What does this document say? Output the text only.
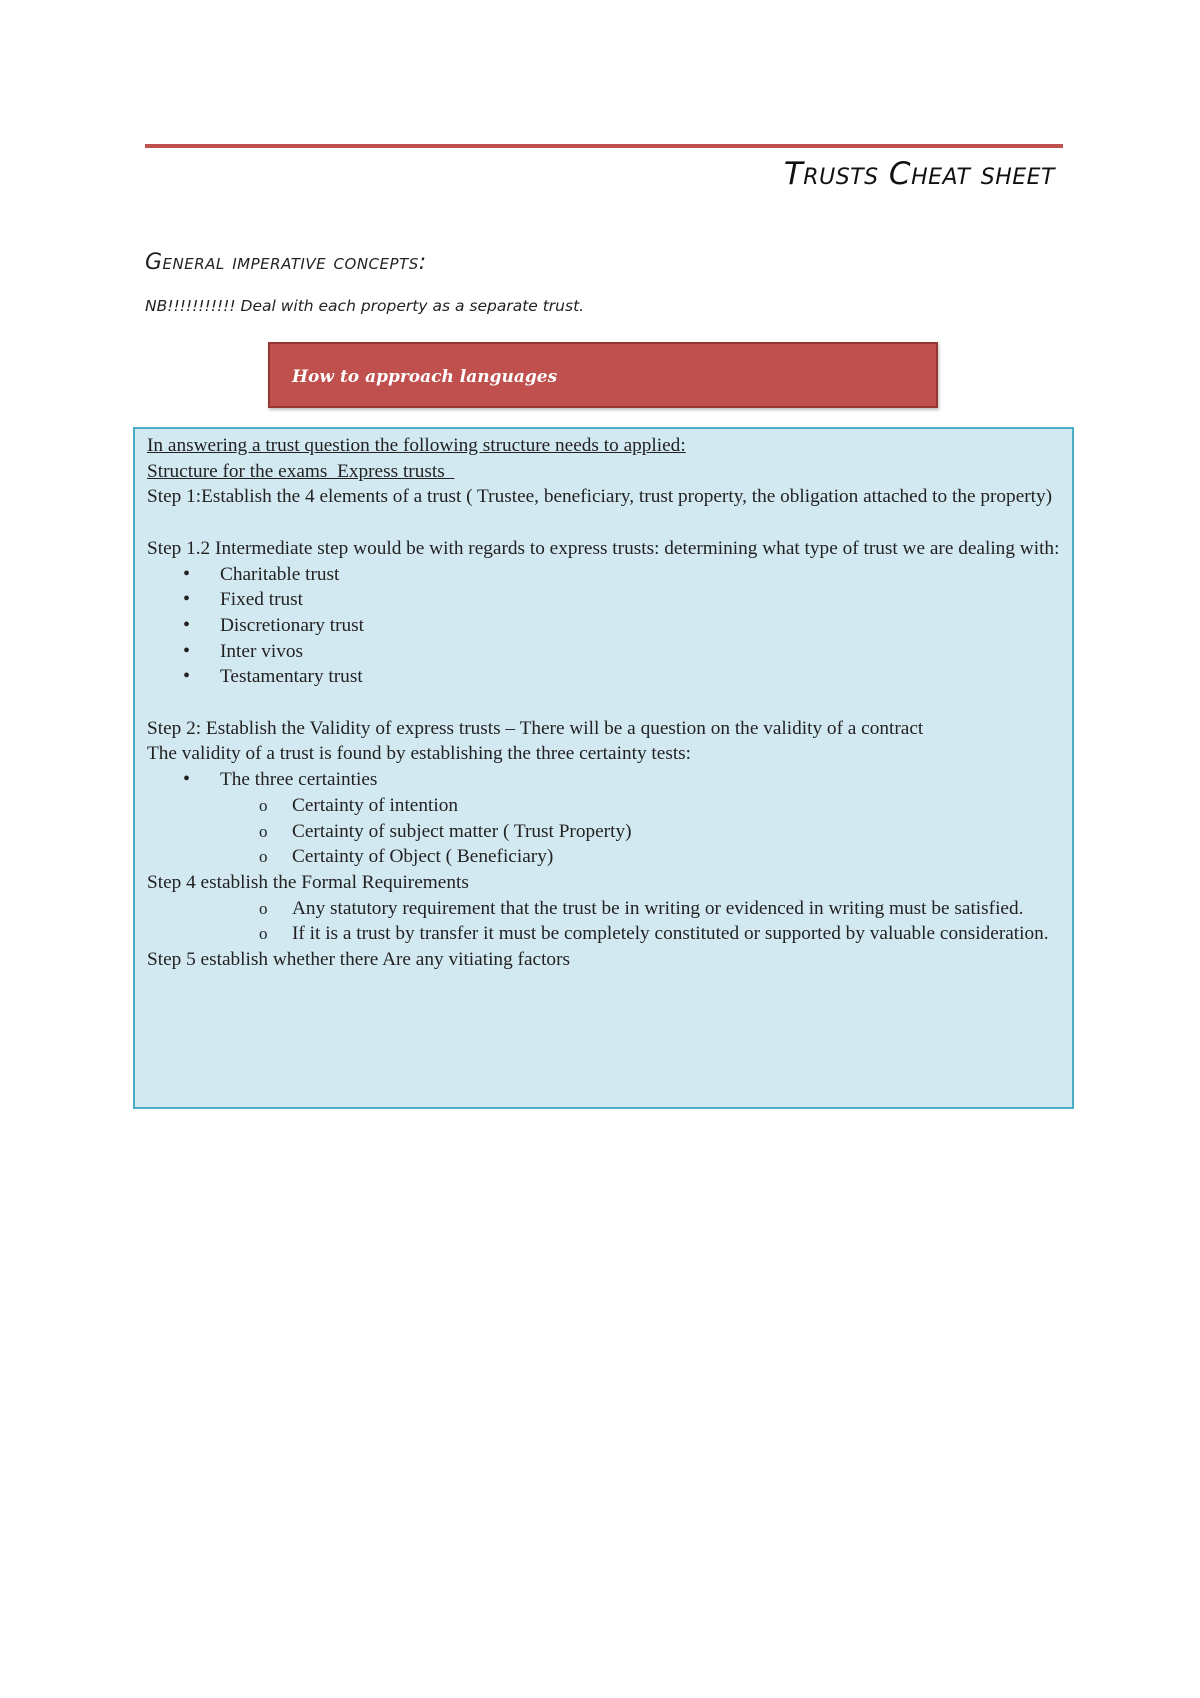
Trusts Cheat sheet
General imperative concepts:

NB!!!!!!!!!!! Deal with each property as a separate trust.

How to approach languages

In answering a trust question the following structure needs to applied:

Structure for the exams  Express trusts

Step 1:Establish the 4 elements of a trust ( Trustee, beneficiary, trust property, the obligation attached to the property)

Step 1.2 Intermediate step would be with regards to express trusts: determining what type of trust we are dealing with:

• Charitable trust
• Fixed trust
• Discretionary trust
• Inter vivos
• Testamentary trust

Step 2: Establish the Validity of express trusts – There will be a question on the validity of a contract

The validity of a trust is found by establishing the three certainty tests:

• The three certainties
o Certainty of intention
o Certainty of subject matter ( Trust Property)
o Certainty of Object ( Beneficiary)

Step 4 establish the Formal Requirements

o Any statutory requirement that the trust be in writing or evidenced in writing must be satisfied.
o If it is a trust by transfer it must be completely constituted or supported by valuable consideration.

Step 5 establish whether there Are any vitiating factors
